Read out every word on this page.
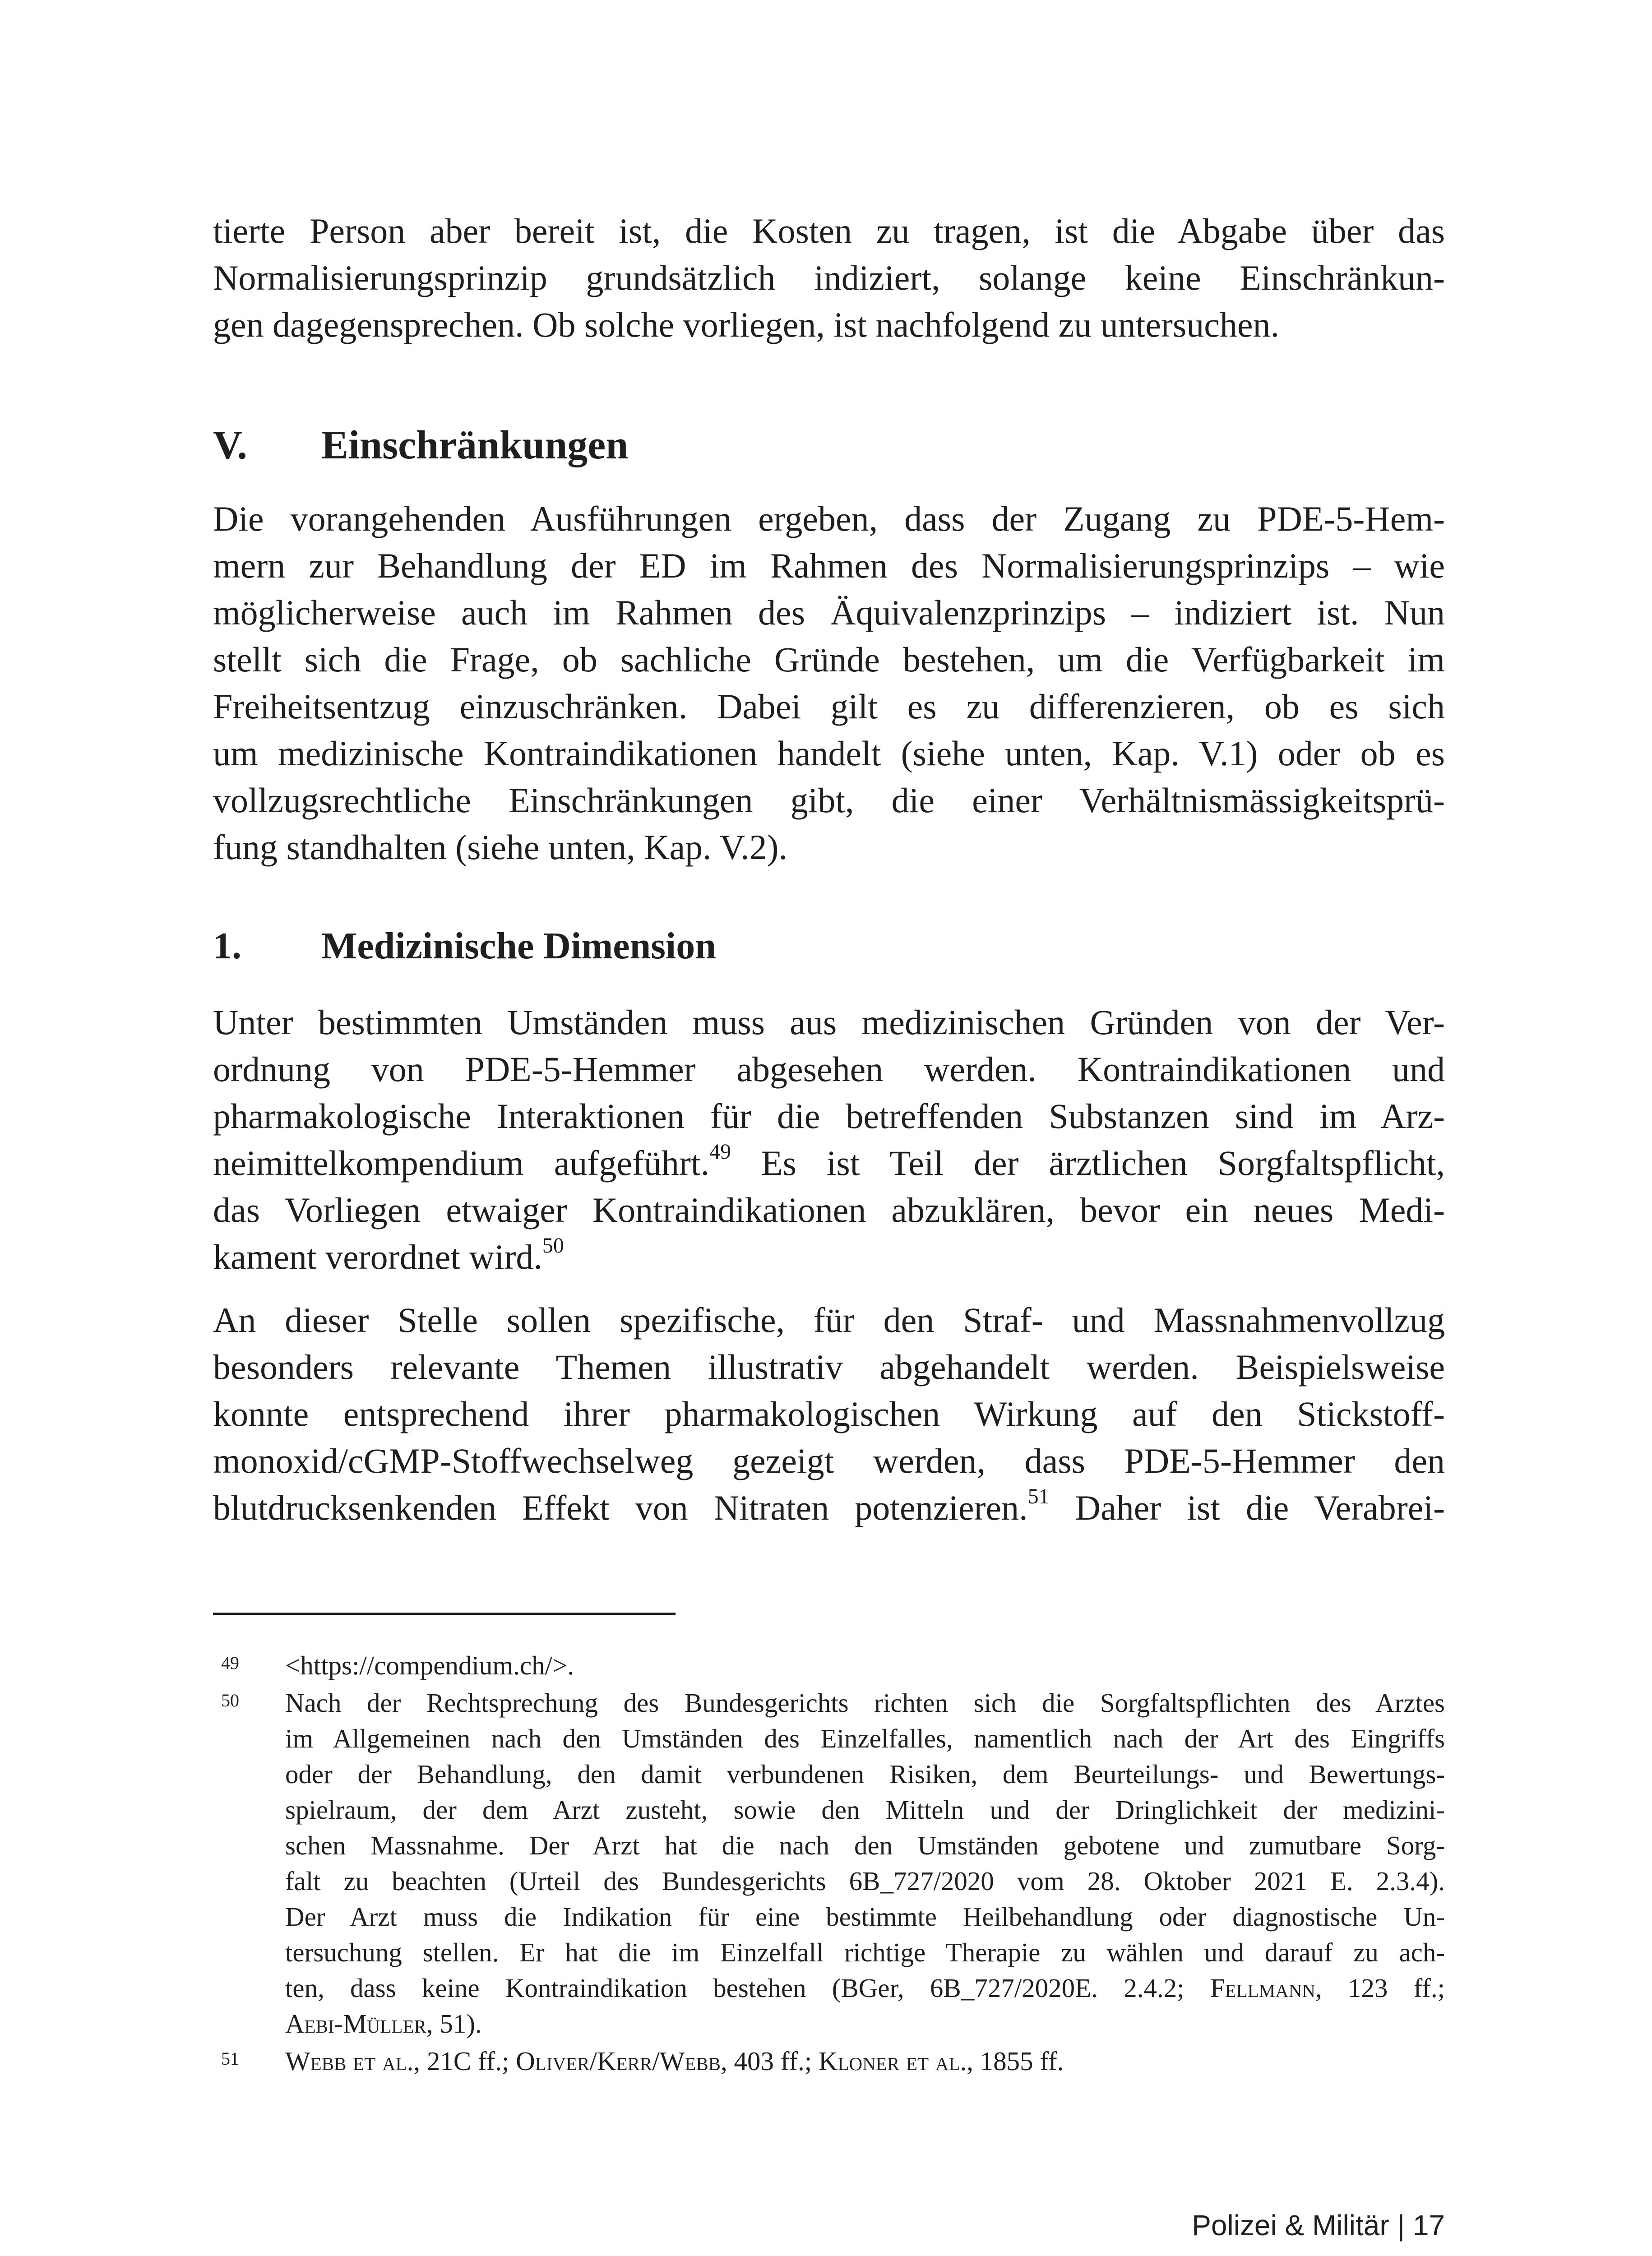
tierte Person aber bereit ist, die Kosten zu tragen, ist die Abgabe über das
Normalisierungsprinzip grundsätzlich indiziert, solange keine Einschränkun-
gen dagegensprechen. Ob solche vorliegen, ist nachfolgend zu untersuchen.

V. Einschränkungen

Die vorangehenden Ausführungen ergeben, dass der Zugang zu PDE-5-Hem-
mern zur Behandlung der ED im Rahmen des Normalisierungsprinzips – wie
möglicherweise auch im Rahmen des Äquivalenzprinzips – indiziert ist. Nun
stellt sich die Frage, ob sachliche Gründe bestehen, um die Verfügbarkeit im
Freiheitsentzug einzuschränken. Dabei gilt es zu differenzieren, ob es sich
um medizinische Kontraindikationen handelt (siehe unten, Kap. V.1) oder ob es
vollzugsrechtliche Einschränkungen gibt, die einer Verhältnismässigkeitsprü-
fung standhalten (siehe unten, Kap. V.2).

1. Medizinische Dimension

Unter bestimmten Umständen muss aus medizinischen Gründen von der Ver-
ordnung von PDE-5-Hemmer abgesehen werden. Kontraindikationen und
pharmakologische Interaktionen für die betreffenden Substanzen sind im Arz-
neimittelkompendium aufgeführt.$^{49}$ Es ist Teil der ärztlichen Sorgfaltspflicht,
das Vorliegen etwaiger Kontraindikationen abzuklären, bevor ein neues Medi-
kament verordnet wird.$^{50}$

An dieser Stelle sollen spezifische, für den Straf- und Massnahmenvollzug
besonders relevante Themen illustrativ abgehandelt werden. Beispielsweise
konnte entsprechend ihrer pharmakologischen Wirkung auf den Stickstoff-
monoxid/cGMP-Stoffwechselweg gezeigt werden, dass PDE-5-Hemmer den
blutdrucksenkenden Effekt von Nitraten potenzieren.$^{51}$ Daher ist die Verabrei-

49 <https://compendium.ch/>.
50 Nach der Rechtsprechung des Bundesgerichts richten sich die Sorgfaltspflichten des Arztes
im Allgemeinen nach den Umständen des Einzelfalles, namentlich nach der Art des Eingriffs
oder der Behandlung, den damit verbundenen Risiken, dem Beurteilungs- und Bewertungs-
spielraum, der dem Arzt zusteht, sowie den Mitteln und der Dringlichkeit der medizini-
schen Massnahme. Der Arzt hat die nach den Umständen gebotene und zumutbare Sorg-
falt zu beachten (Urteil des Bundesgerichts 6B_727/2020 vom 28. Oktober 2021 E. 2.3.4).
Der Arzt muss die Indikation für eine bestimmte Heilbehandlung oder diagnostische Un-
tersuchung stellen. Er hat die im Einzelfall richtige Therapie zu wählen und darauf zu ach-
ten, dass keine Kontraindikation bestehen (BGer, 6B_727/2020E. 2.4.2; Fellmann, 123 ff.;
Aebi-Müller, 51).
51 Webb et al., 21C ff.; Oliver/Kerr/Webb, 403 ff.; Kloner et al., 1855 ff.
Polizei & Militär | 17
